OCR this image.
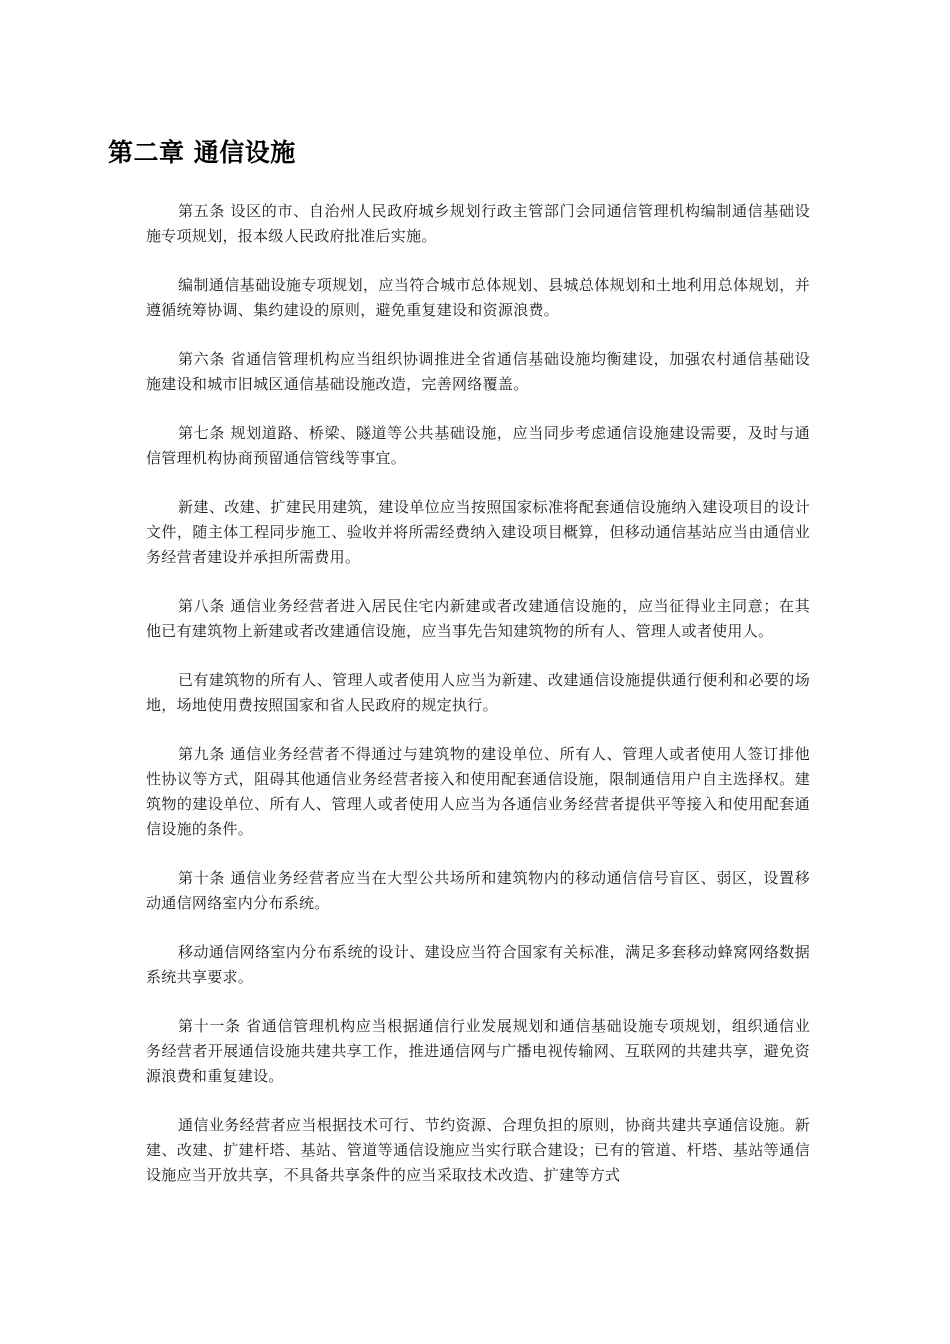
第二章 通信设施

第五条 设区的市、自治州人民政府城乡规划行政主管部门会同通信管理机构编制通信基础设施专项规划，报本级人民政府批准后实施。

编制通信基础设施专项规划，应当符合城市总体规划、县城总体规划和土地利用总体规划，并遵循统筹协调、集约建设的原则，避免重复建设和资源浪费。

第六条 省通信管理机构应当组织协调推进全省通信基础设施均衡建设，加强农村通信基础设施建设和城市旧城区通信基础设施改造，完善网络覆盖。

第七条 规划道路、桥梁、隧道等公共基础设施，应当同步考虑通信设施建设需要，及时与通信管理机构协商预留通信管线等事宜。

新建、改建、扩建民用建筑，建设单位应当按照国家标准将配套通信设施纳入建设项目的设计文件，随主体工程同步施工、验收并将所需经费纳入建设项目概算，但移动通信基站应当由通信业务经营者建设并承担所需费用。

第八条 通信业务经营者进入居民住宅内新建或者改建通信设施的，应当征得业主同意；在其他已有建筑物上新建或者改建通信设施，应当事先告知建筑物的所有人、管理人或者使用人。

已有建筑物的所有人、管理人或者使用人应当为新建、改建通信设施提供通行便利和必要的场地，场地使用费按照国家和省人民政府的规定执行。

第九条 通信业务经营者不得通过与建筑物的建设单位、所有人、管理人或者使用人签订排他性协议等方式，阻碍其他通信业务经营者接入和使用配套通信设施，限制通信用户自主选择权。建筑物的建设单位、所有人、管理人或者使用人应当为各通信业务经营者提供平等接入和使用配套通信设施的条件。

第十条 通信业务经营者应当在大型公共场所和建筑物内的移动通信信号盲区、弱区，设置移动通信网络室内分布系统。

移动通信网络室内分布系统的设计、建设应当符合国家有关标准，满足多套移动蜂窝网络数据系统共享要求。

第十一条 省通信管理机构应当根据通信行业发展规划和通信基础设施专项规划，组织通信业务经营者开展通信设施共建共享工作，推进通信网与广播电视传输网、互联网的共建共享，避免资源浪费和重复建设。

通信业务经营者应当根据技术可行、节约资源、合理负担的原则，协商共建共享通信设施。新建、改建、扩建杆塔、基站、管道等通信设施应当实行联合建设；已有的管道、杆塔、基站等通信设施应当开放共享，不具备共享条件的应当采取技术改造、扩建等方式
